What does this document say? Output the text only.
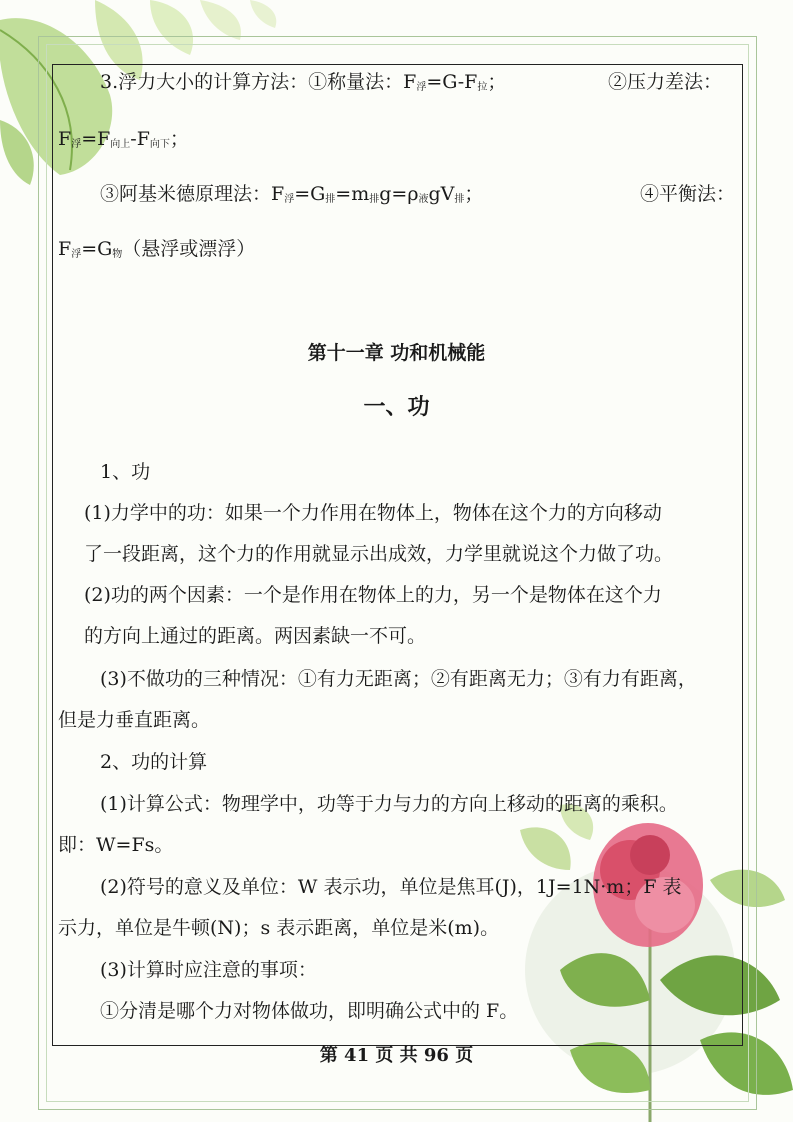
3.浮力大小的计算方法：①称量法：$F_浮=G-F_拉$；	②压力差法：
$F_浮=F_{向上}-F_{向下}$；
③阿基米德原理法：$F_浮=G_排=m_排g=\rho_液gV_排$；	④平衡法：
$F_浮=G_物$（悬浮或漂浮）
第十一章 功和机械能
一、功
1、功
(1)力学中的功：如果一个力作用在物体上，物体在这个力的方向移动
了一段距离，这个力的作用就显示出成效，力学里就说这个力做了功。
(2)功的两个因素：一个是作用在物体上的力，另一个是物体在这个力
的方向上通过的距离。两因素缺一不可。
(3)不做功的三种情况：①有力无距离；②有距离无力；③有力有距离，
但是力垂直距离。
2、功的计算
(1)计算公式：物理学中，功等于力与力的方向上移动的距离的乘积。
即：W=Fs。
(2)符号的意义及单位：W 表示功，单位是焦耳(J)，1J=1N·m；F 表
示力，单位是牛顿(N)；s 表示距离，单位是米(m)。
(3)计算时应注意的事项：
①分清是哪个力对物体做功，即明确公式中的 F。
第 41 页 共 96 页
